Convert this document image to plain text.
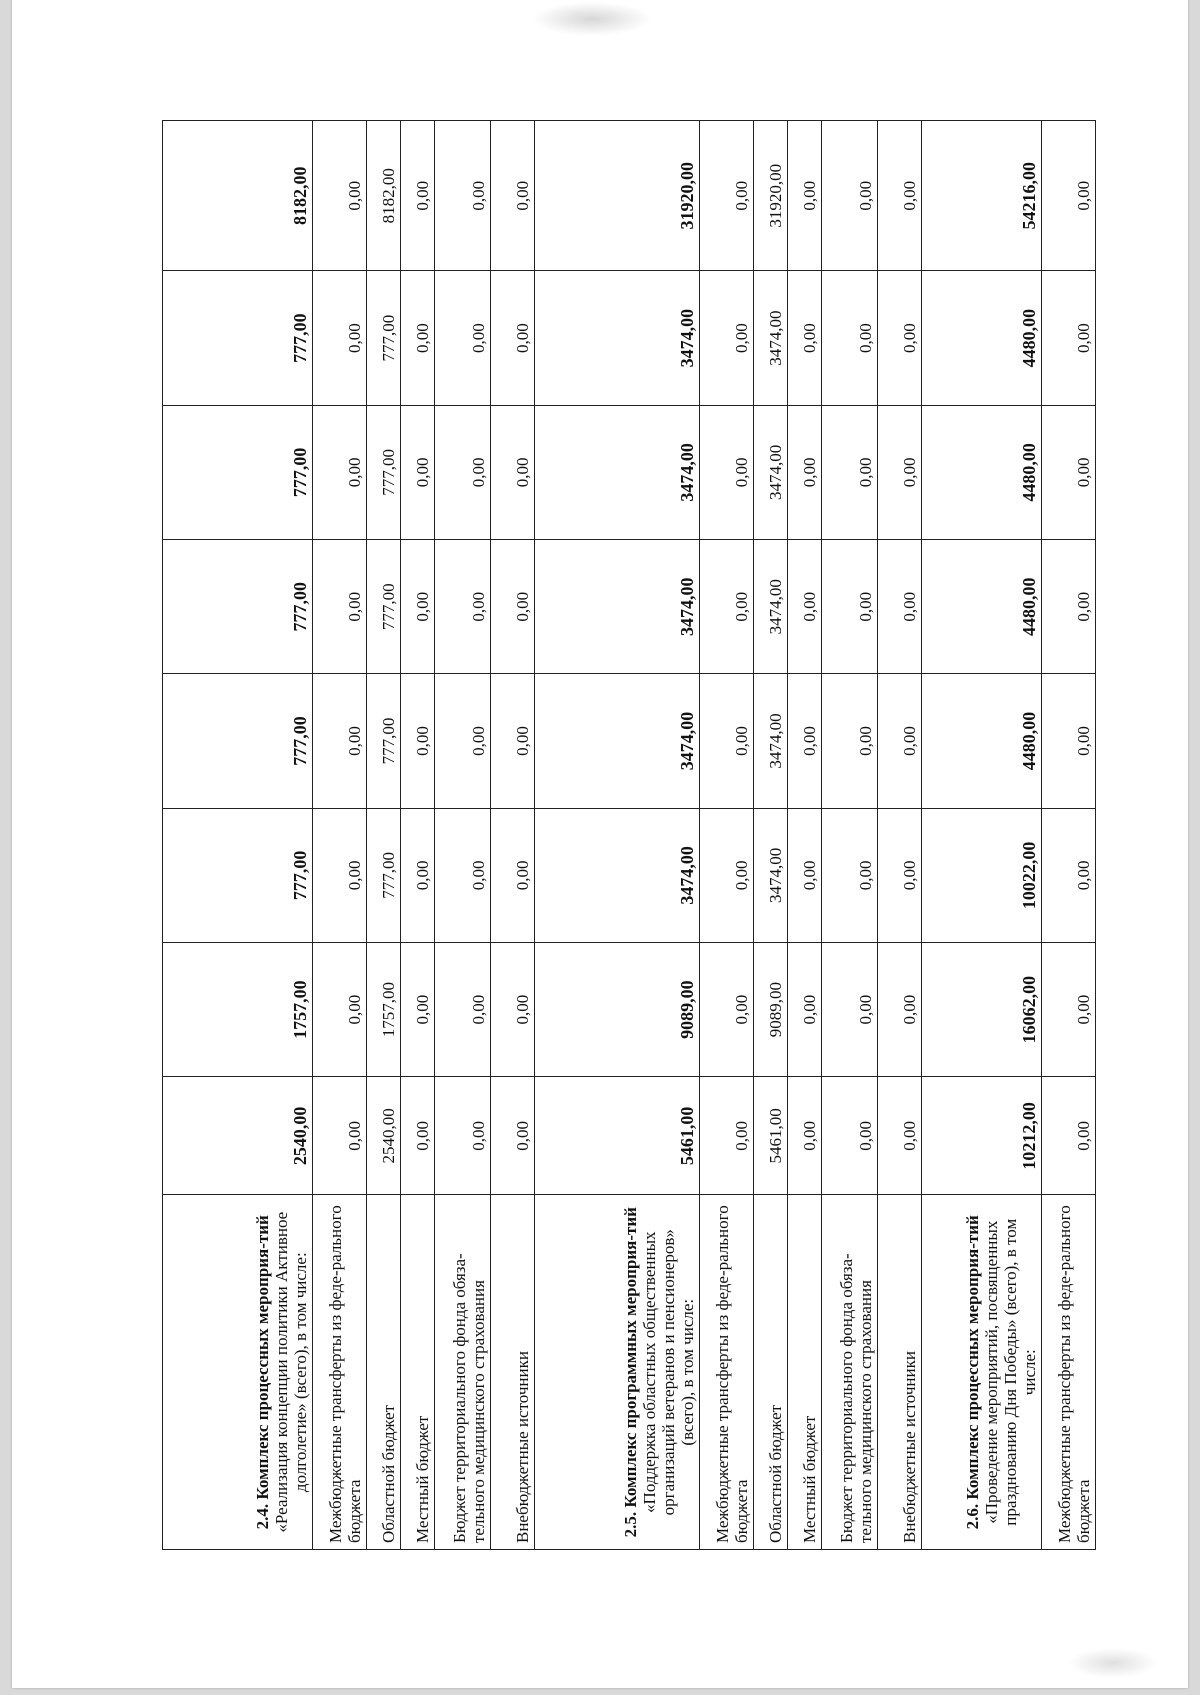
2.4. Комплекс процессных мероприя-тий
«Реализация концепции политики Активное долголетие» (всего), в том числе:	2540,00	1757,00	777,00	777,00	777,00	777,00	777,00	8182,00
Межбюджетные трансферты из феде-рального бюджета	0,00	0,00	0,00	0,00	0,00	0,00	0,00	0,00
Областной бюджет	2540,00	1757,00	777,00	777,00	777,00	777,00	777,00	8182,00
Местный бюджет	0,00	0,00	0,00	0,00	0,00	0,00	0,00	0,00
Бюджет территориального фонда обяза-тельного медицинского страхования	0,00	0,00	0,00	0,00	0,00	0,00	0,00	0,00
Внебюджетные источники	0,00	0,00	0,00	0,00	0,00	0,00	0,00	0,00
2.5. Комплекс программных мероприя-тий
«Поддержка областных общественных организаций ветеранов и пенсионеров» (всего), в том числе:	5461,00	9089,00	3474,00	3474,00	3474,00	3474,00	3474,00	31920,00
Межбюджетные трансферты из феде-рального бюджета	0,00	0,00	0,00	0,00	0,00	0,00	0,00	0,00
Областной бюджет	5461,00	9089,00	3474,00	3474,00	3474,00	3474,00	3474,00	31920,00
Местный бюджет	0,00	0,00	0,00	0,00	0,00	0,00	0,00	0,00
Бюджет территориального фонда обяза-тельного медицинского страхования	0,00	0,00	0,00	0,00	0,00	0,00	0,00	0,00
Внебюджетные источники	0,00	0,00	0,00	0,00	0,00	0,00	0,00	0,00
2.6. Комплекс процессных мероприя-тий
«Проведение мероприятий, посвященных празднованию Дня Победы» (всего), в том числе:	10212,00	16062,00	10022,00	4480,00	4480,00	4480,00	4480,00	54216,00
Межбюджетные трансферты из феде-рального бюджета	0,00	0,00	0,00	0,00	0,00	0,00	0,00	0,00
